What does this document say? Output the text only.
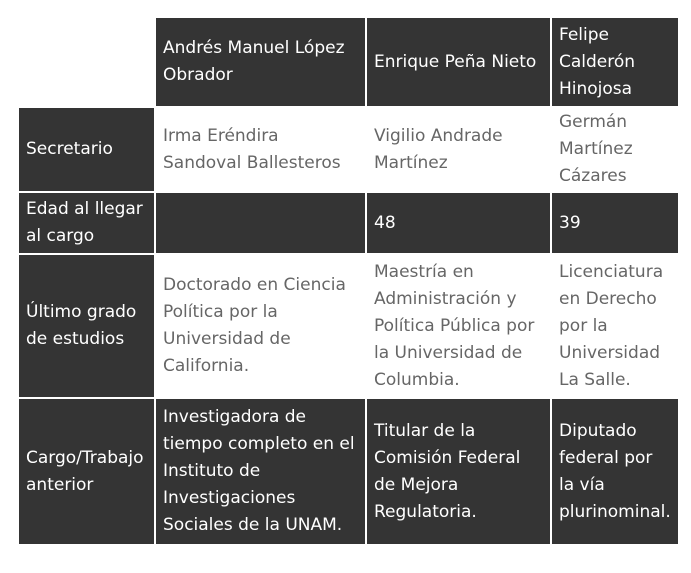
	Andrés Manuel López Obrador	Enrique Peña Nieto	Felipe Calderón Hinojosa
Secretario	Irma Eréndira Sandoval Ballesteros	Vigilio Andrade Martínez	Germán Martínez Cázares
Edad al llegar al cargo		48	39
Último grado de estudios	Doctorado en Ciencia Política por la Universidad de California.	Maestría en Administración y Política Pública por la Universidad de Columbia.	Licenciatura en Derecho por la Universidad La Salle.
Cargo/Trabajo anterior	Investigadora de tiempo completo en el Instituto de Investigaciones Sociales de la UNAM.	Titular de la Comisión Federal de Mejora Regulatoria.	Diputado federal por la vía plurinominal.
